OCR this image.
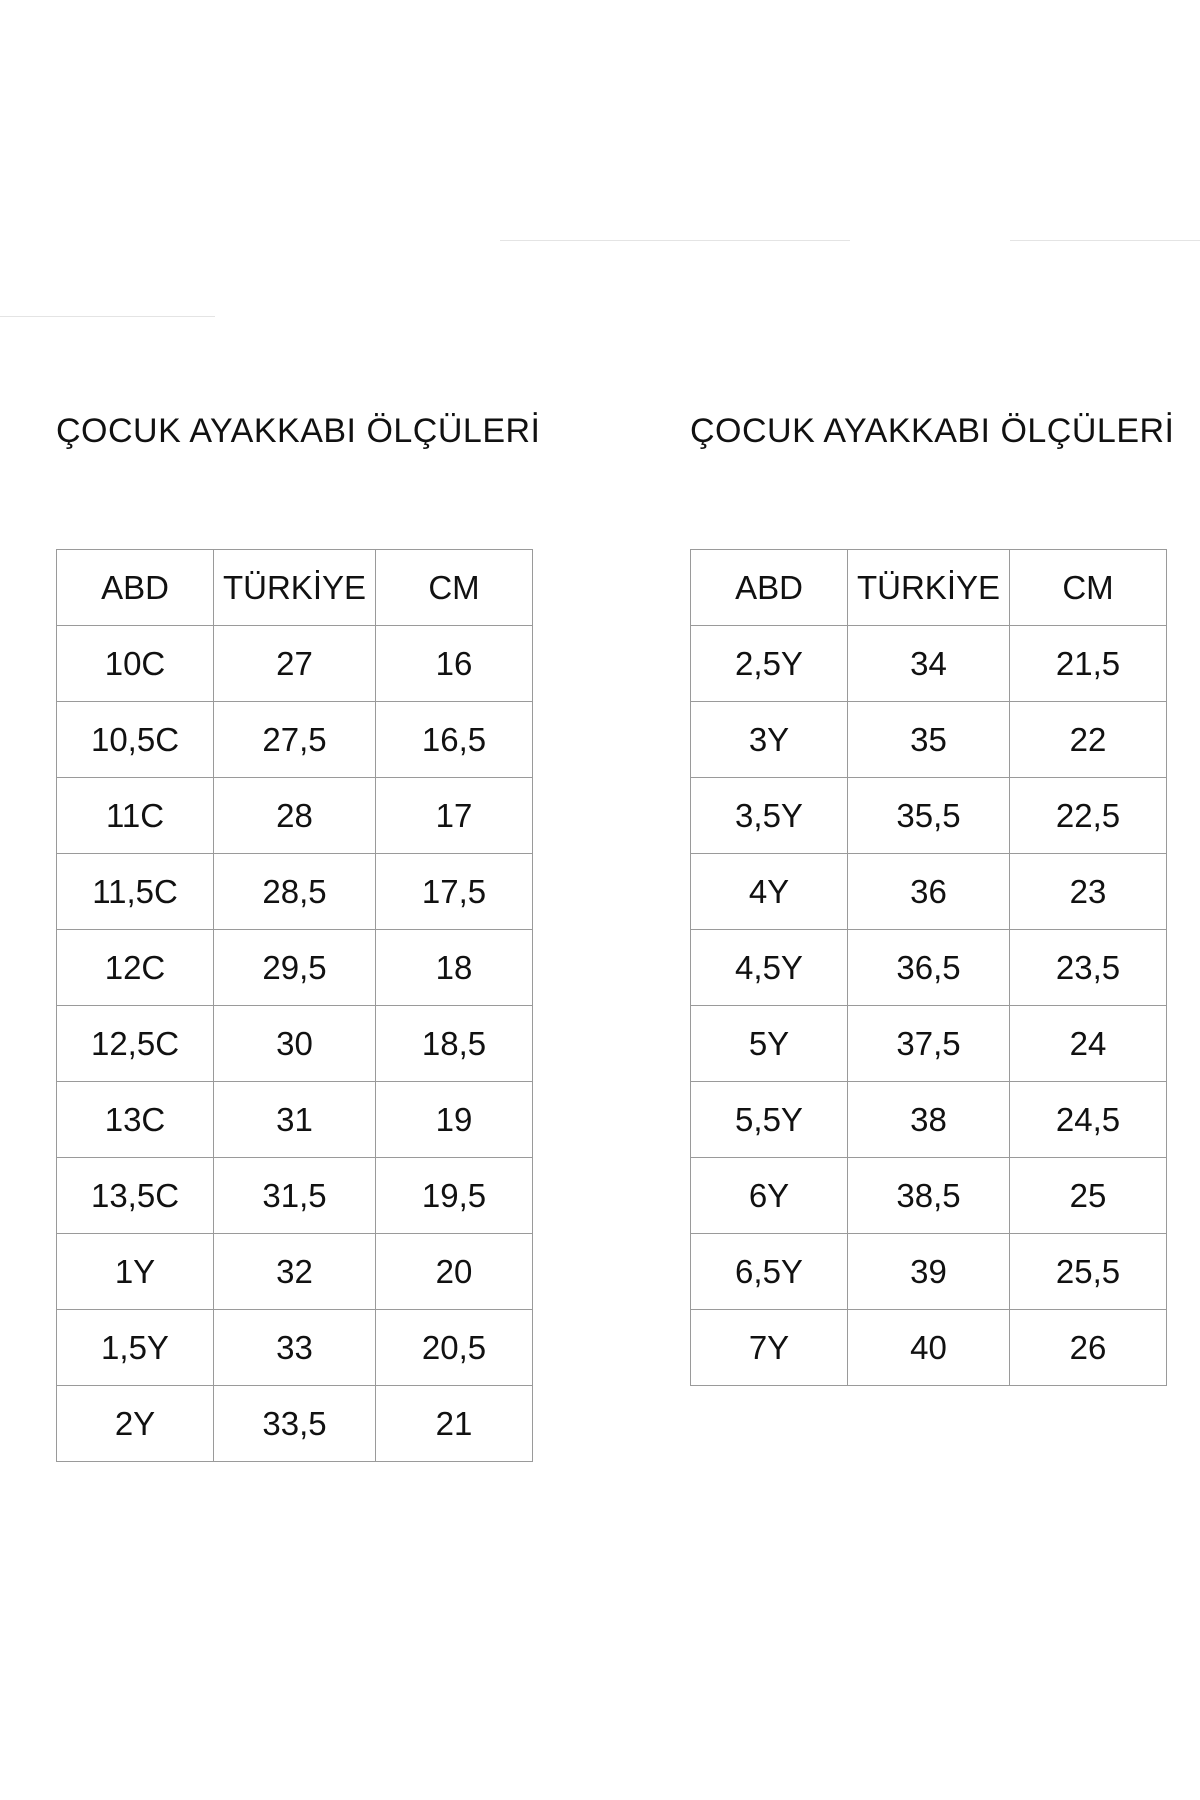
ÇOCUK AYAKKABI ÖLÇÜLERİ	ÇOCUK AYAKKABI ÖLÇÜLERİ
ABD	TÜRKİYE	CM
10C	27	16
10,5C	27,5	16,5
11C	28	17
11,5C	28,5	17,5
12C	29,5	18
12,5C	30	18,5
13C	31	19
13,5C	31,5	19,5
1Y	32	20
1,5Y	33	20,5
2Y	33,5	21
ABD	TÜRKİYE	CM
2,5Y	34	21,5
3Y	35	22
3,5Y	35,5	22,5
4Y	36	23
4,5Y	36,5	23,5
5Y	37,5	24
5,5Y	38	24,5
6Y	38,5	25
6,5Y	39	25,5
7Y	40	26
